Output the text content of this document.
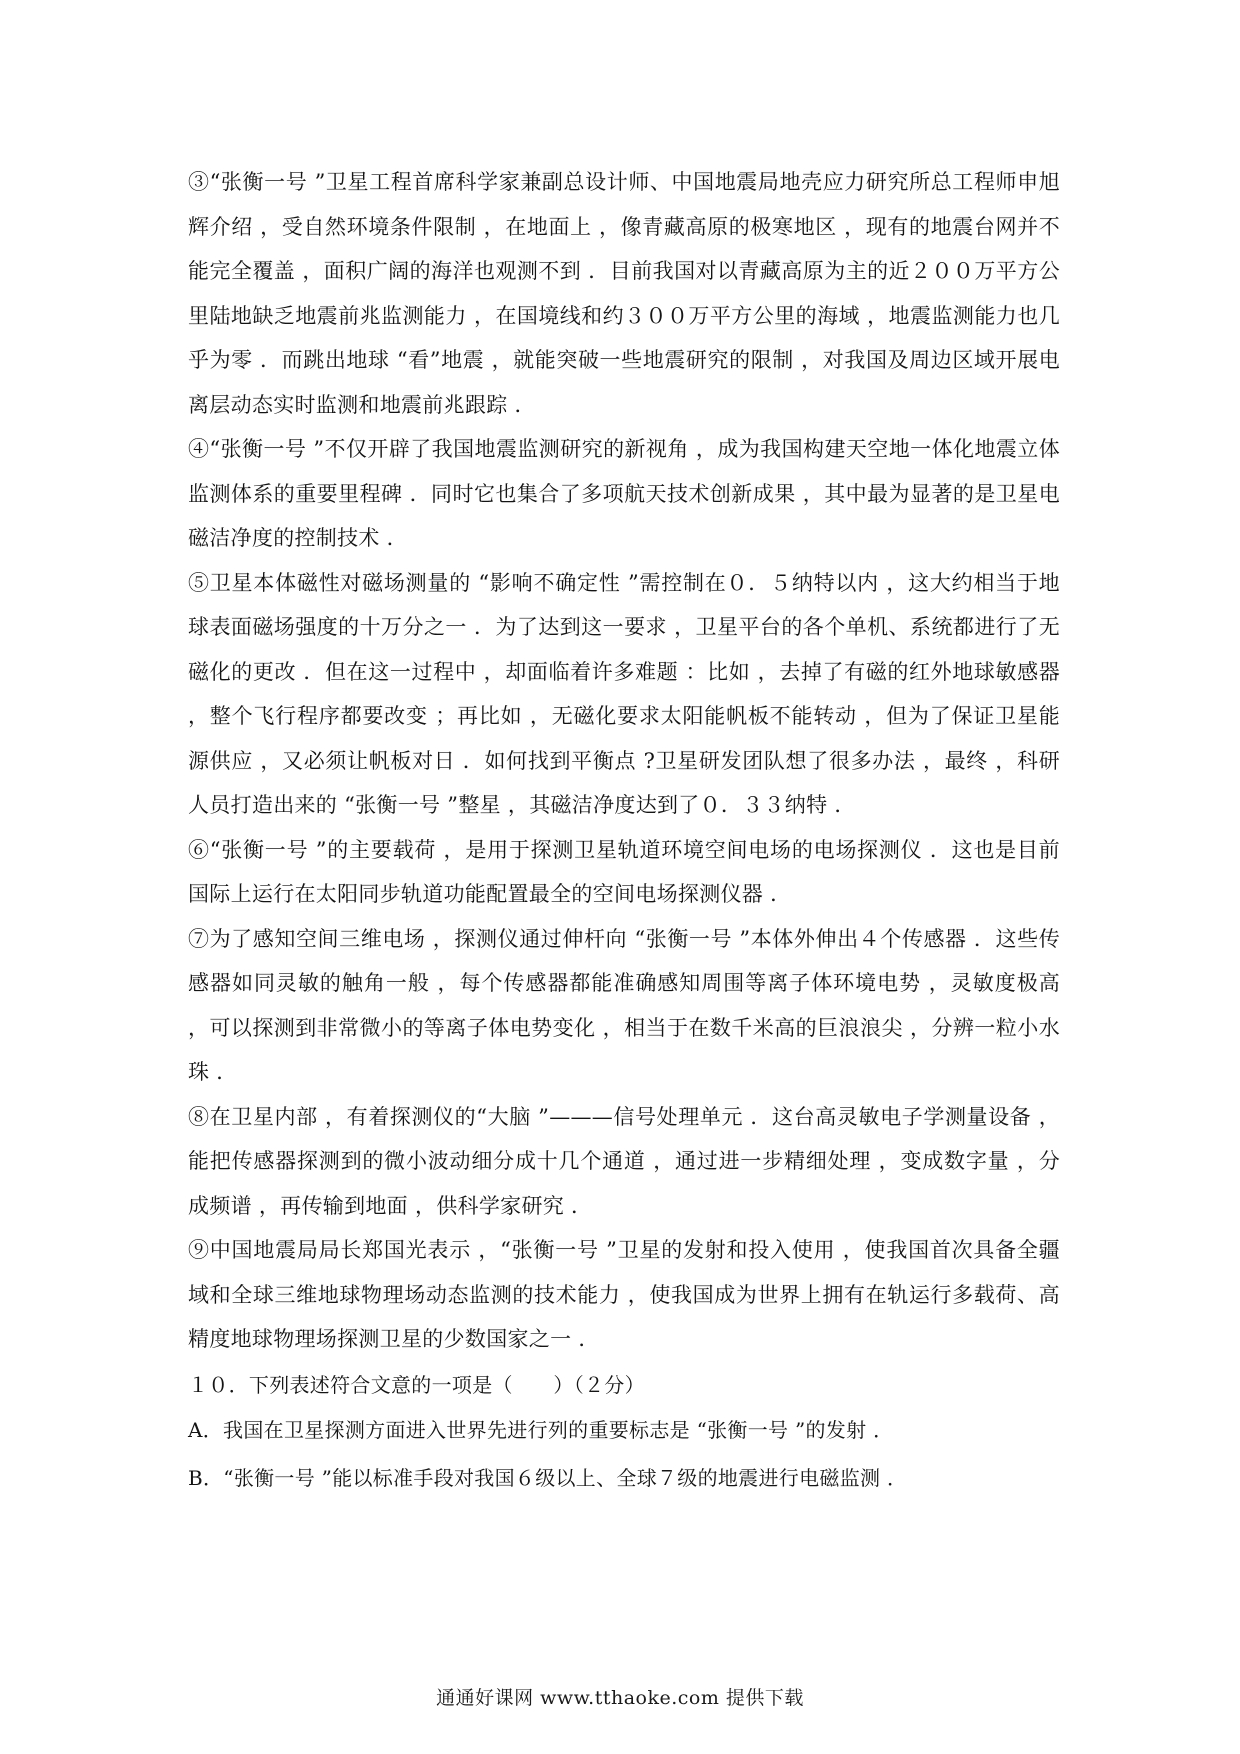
③“张衡一号 ”卫星工程首席科学家兼副总设计师、中国地震局地壳应力研究所总工程师申旭辉介绍 ，受自然环境条件限制 ，在地面上 ，像青藏高原的极寒地区 ，现有的地震台网并不能完全覆盖 ，面积广阔的海洋也观测不到 ．目前我国对以青藏高原为主的近２００万平方公里陆地缺乏地震前兆监测能力 ，在国境线和约３００万平方公里的海域 ，地震监测能力也几乎为零 ．而跳出地球 “看”地震 ，就能突破一些地震研究的限制 ，对我国及周边区域开展电离层动态实时监测和地震前兆跟踪 ．

④“张衡一号 ”不仅开辟了我国地震监测研究的新视角 ，成为我国构建天空地一体化地震立体监测体系的重要里程碑 ．同时它也集合了多项航天技术创新成果 ，其中最为显著的是卫星电磁洁净度的控制技术 ．

⑤卫星本体磁性对磁场测量的 “影响不确定性 ”需控制在０．５纳特以内 ，这大约相当于地球表面磁场强度的十万分之一 ．为了达到这一要求 ，卫星平台的各个单机、系统都进行了无磁化的更改 ．但在这一过程中 ，却面临着许多难题 ：比如 ，去掉了有磁的红外地球敏感器 ，整个飞行程序都要改变 ；再比如 ，无磁化要求太阳能帆板不能转动 ，但为了保证卫星能源供应 ，又必须让帆板对日 ．如何找到平衡点 ?卫星研发团队想了很多办法 ，最终 ，科研人员打造出来的 “张衡一号 ”整星 ，其磁洁净度达到了０．３３纳特 ．

⑥“张衡一号 ”的主要载荷 ，是用于探测卫星轨道环境空间电场的电场探测仪 ．这也是目前国际上运行在太阳同步轨道功能配置最全的空间电场探测仪器 ．

⑦为了感知空间三维电场 ，探测仪通过伸杆向 “张衡一号 ”本体外伸出４个传感器 ．这些传感器如同灵敏的触角一般 ，每个传感器都能准确感知周围等离子体环境电势 ，灵敏度极高 ，可以探测到非常微小的等离子体电势变化 ，相当于在数千米高的巨浪浪尖 ，分辨一粒小水珠 ．

⑧在卫星内部 ，有着探测仪的“大脑 ”———信号处理单元 ．这台高灵敏电子学测量设备 ，能把传感器探测到的微小波动细分成十几个通道 ，通过进一步精细处理 ，变成数字量 ，分成频谱 ，再传输到地面 ，供科学家研究 ．

⑨中国地震局局长郑国光表示 ，“张衡一号 ”卫星的发射和投入使用 ，使我国首次具备全疆域和全球三维地球物理场动态监测的技术能力 ，使我国成为世界上拥有在轨运行多载荷、高精度地球物理场探测卫星的少数国家之一 ．

１０．下列表述符合文意的一项是（　　）（２分）

A．我国在卫星探测方面进入世界先进行列的重要标志是 “张衡一号 ”的发射 ．

B．“张衡一号 ”能以标准手段对我国６级以上、全球７级的地震进行电磁监测 ．

通通好课网 www.tthaoke.com 提供下载
